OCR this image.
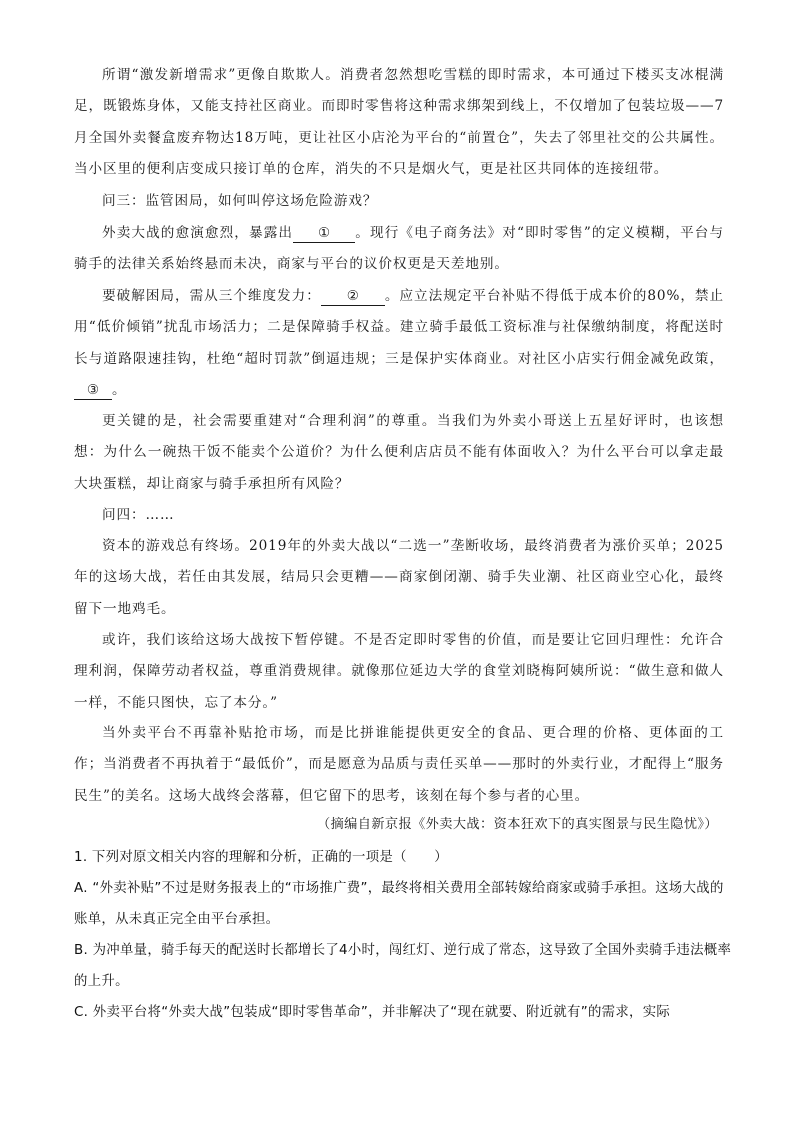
所谓“激发新增需求”更像自欺欺人。消费者忽然想吃雪糕的即时需求，本可通过下楼买支冰棍满足，既锻炼身体，又能支持社区商业。而即时零售将这种需求绑架到线上，不仅增加了包装垃圾——7月全国外卖餐盒废弃物达18万吨，更让社区小店沦为平台的“前置仓”，失去了邻里社交的公共属性。当小区里的便利店变成只接订单的仓库，消失的不只是烟火气，更是社区共同体的连接纽带。
问三：监管困局，如何叫停这场危险游戏？
外卖大战的愈演愈烈，暴露出 ① 。现行《电子商务法》对“即时零售”的定义模糊，平台与骑手的法律关系始终悬而未决，商家与平台的议价权更是天差地别。
要破解困局，需从三个维度发力： ② 。应立法规定平台补贴不得低于成本价的80%，禁止用“低价倾销”扰乱市场活力；二是保障骑手权益。建立骑手最低工资标准与社保缴纳制度，将配送时长与道路限速挂钩，杜绝“超时罚款”倒逼违规；三是保护实体商业。对社区小店实行佣金减免政策，③ 。
更关键的是，社会需要重建对“合理利润”的尊重。当我们为外卖小哥送上五星好评时，也该想想：为什么一碗热干饭不能卖个公道价？为什么便利店店员不能有体面收入？为什么平台可以拿走最大块蛋糕，却让商家与骑手承担所有风险？
问四：……
资本的游戏总有终场。2019年的外卖大战以“二选一”垄断收场，最终消费者为涨价买单；2025年的这场大战，若任由其发展，结局只会更糟——商家倒闭潮、骑手失业潮、社区商业空心化，最终留下一地鸡毛。
或许，我们该给这场大战按下暂停键。不是否定即时零售的价值，而是要让它回归理性：允许合理利润，保障劳动者权益，尊重消费规律。就像那位延边大学的食堂刘晓梅阿姨所说：“做生意和做人一样，不能只图快，忘了本分。”
当外卖平台不再靠补贴抢市场，而是比拼谁能提供更安全的食品、更合理的价格、更体面的工作；当消费者不再执着于“最低价”，而是愿意为品质与责任买单——那时的外卖行业，才配得上“服务民生”的美名。这场大战终会落幕，但它留下的思考，该刻在每个参与者的心里。
（摘编自新京报《外卖大战：资本狂欢下的真实图景与民生隐忧》）
1. 下列对原文相关内容的理解和分析，正确的一项是（　　）
A. “外卖补贴”不过是财务报表上的“市场推广费”，最终将相关费用全部转嫁给商家或骑手承担。这场大战的账单，从未真正完全由平台承担。
B. 为冲单量，骑手每天的配送时长都增长了4小时，闯红灯、逆行成了常态，这导致了全国外卖骑手违法概率的上升。
C. 外卖平台将“外卖大战”包装成“即时零售革命”，并非解决了“现在就要、附近就有”的需求，实际
